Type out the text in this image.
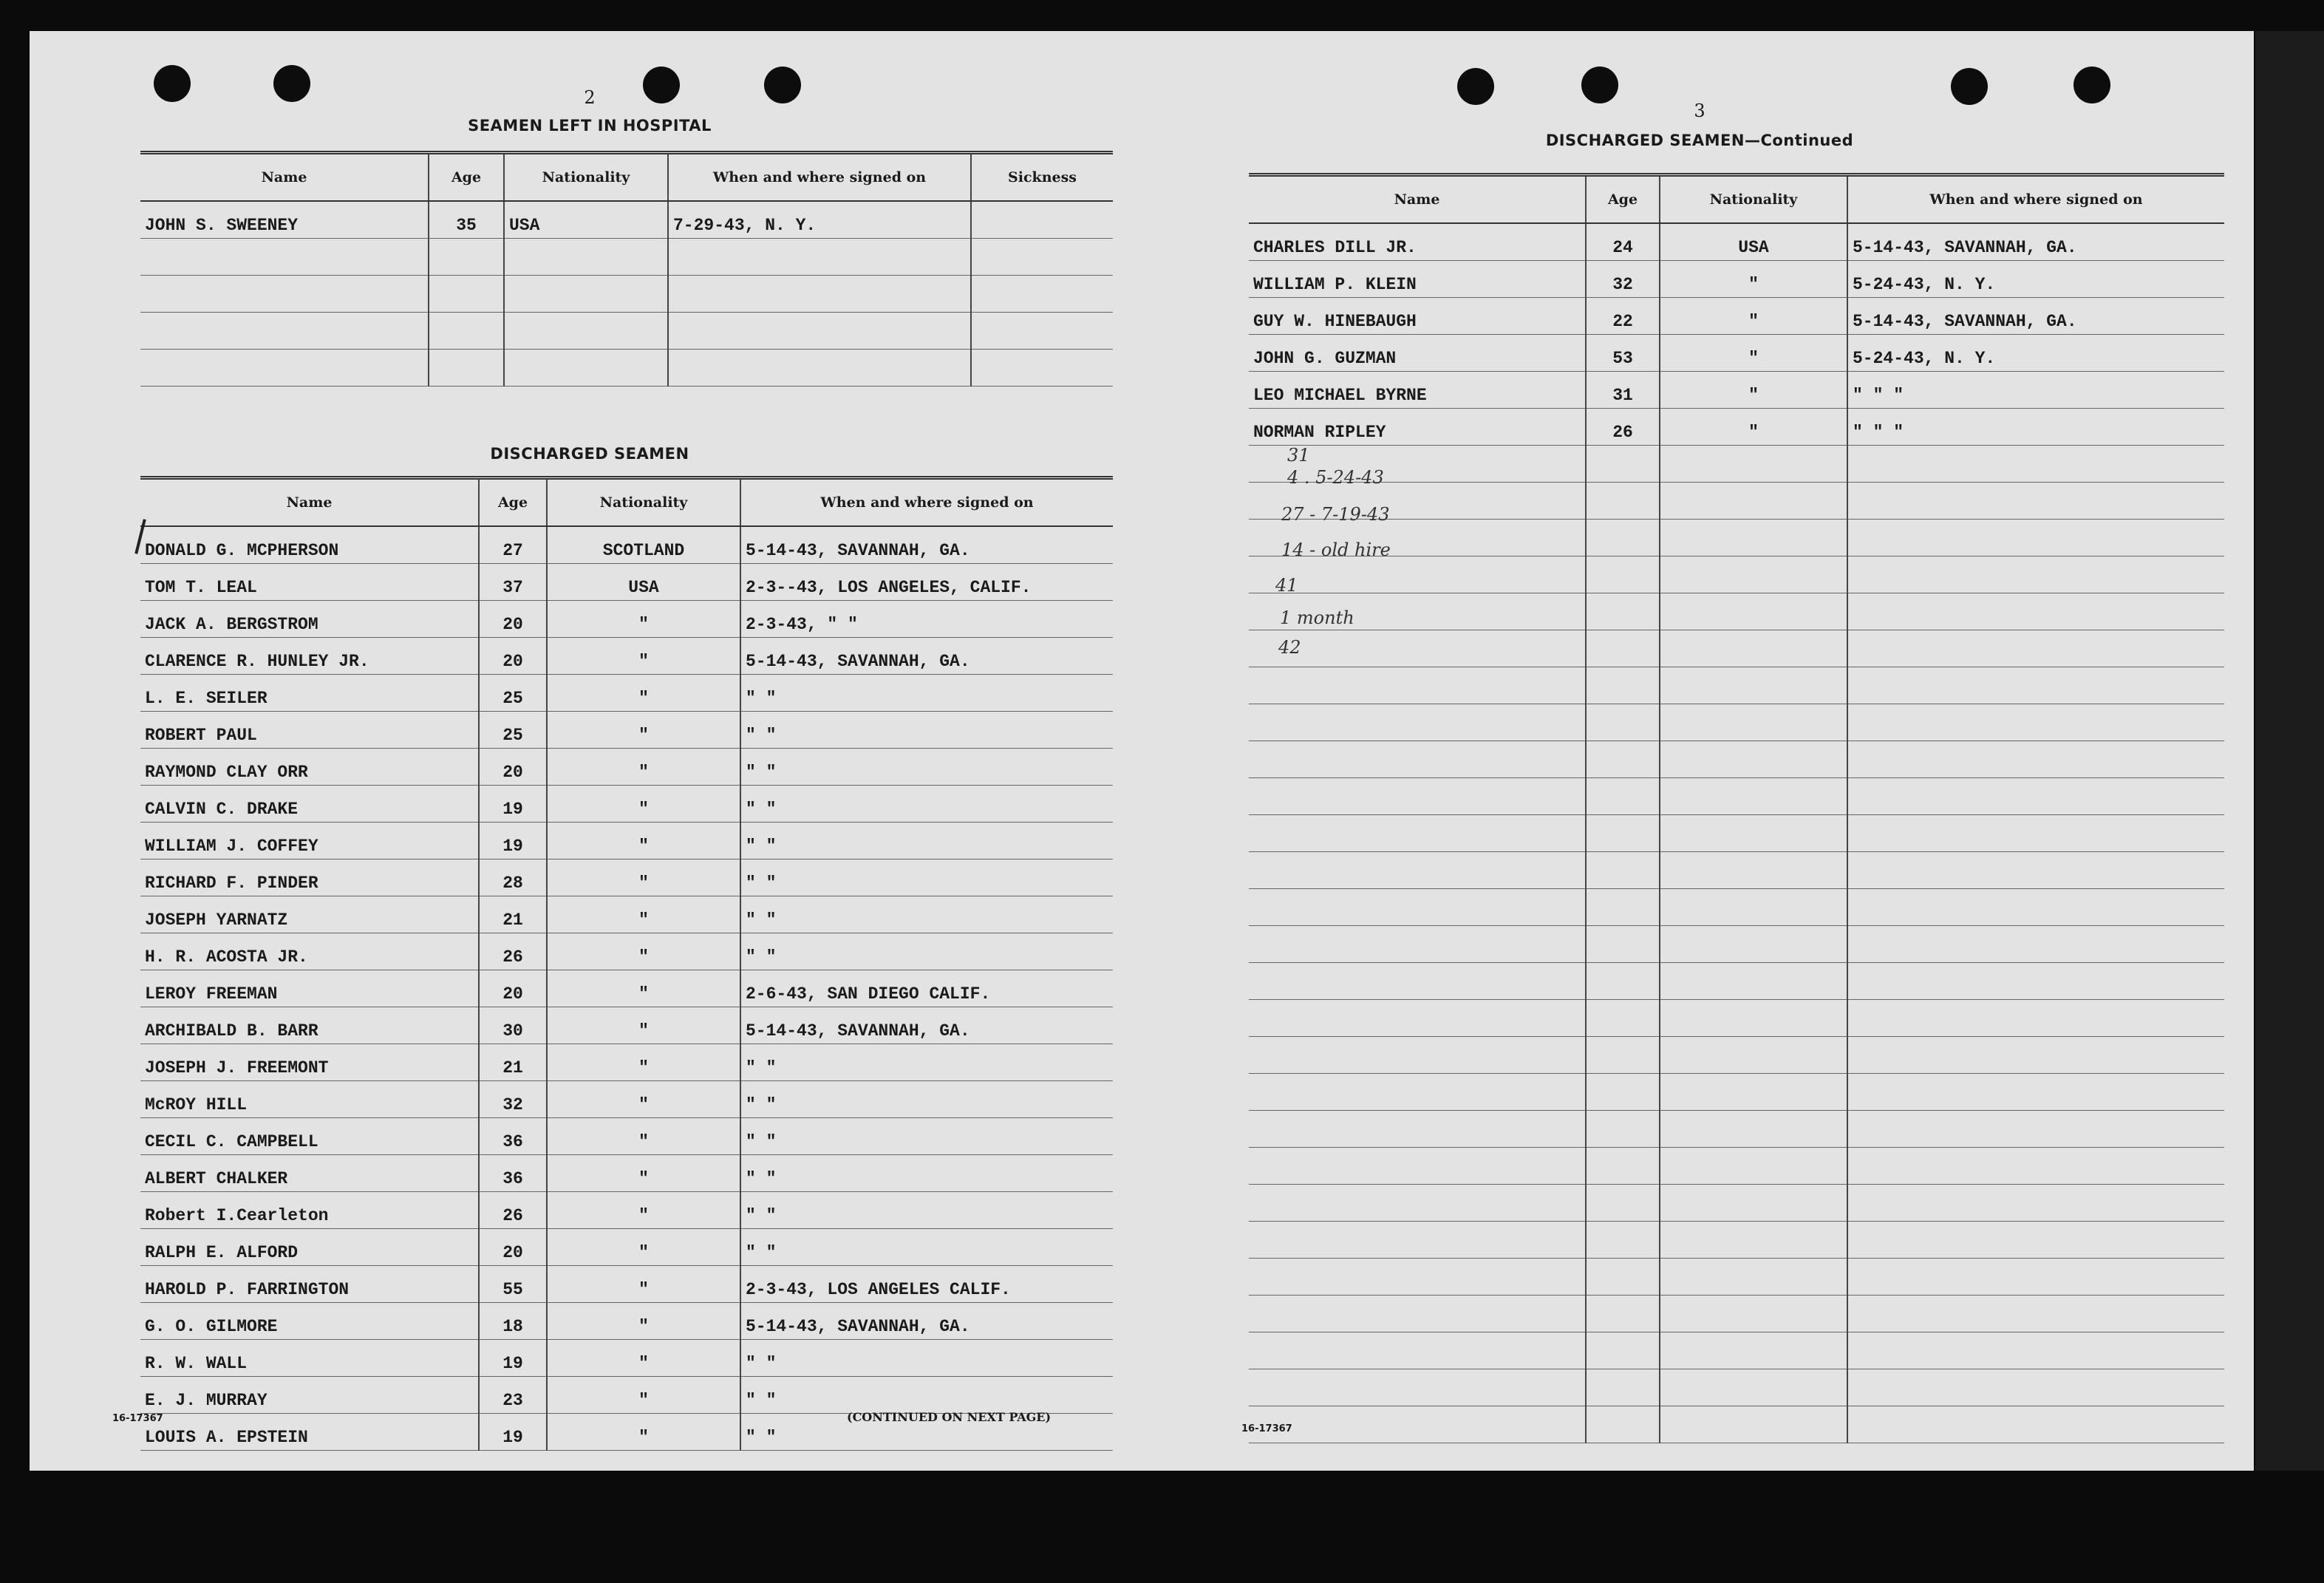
2
SEAMEN LEFT IN HOSPITAL
Name	Age	Nationality	When and where signed on	Sickness
JOHN S. SWEENEY	35	USA	7-29-43, N. Y.	

DISCHARGED SEAMEN
Name	Age	Nationality	When and where signed on
DONALD G. MCPHERSON	27	SCOTLAND	5-14-43, SAVANNAH, GA.
TOM T. LEAL	37	USA	2-3--43, LOS ANGELES, CALIF.
JACK A. BERGSTROM	20	"	2-3-43, " "
CLARENCE R. HUNLEY JR.	20	"	5-14-43, SAVANNAH, GA.
L. E. SEILER	25	"	" "
ROBERT PAUL	25	"	" "
RAYMOND CLAY ORR	20	"	" "
CALVIN C. DRAKE	19	"	" "
WILLIAM J. COFFEY	19	"	" "
RICHARD F. PINDER	28	"	" "
JOSEPH YARNATZ	21	"	" "
H. R. ACOSTA JR.	26	"	" "
LEROY FREEMAN	20	"	2-6-43, SAN DIEGO CALIF.
ARCHIBALD B. BARR	30	"	5-14-43, SAVANNAH, GA.
JOSEPH J. FREEMONT	21	"	" "
McROY HILL	32	"	" "
CECIL C. CAMPBELL	36	"	" "
ALBERT CHALKER	36	"	" "
Robert I.Cearleton	26	"	" "
RALPH E. ALFORD	20	"	" "
HAROLD P. FARRINGTON	55	"	2-3-43, LOS ANGELES CALIF.
G. O. GILMORE	18	"	5-14-43, SAVANNAH, GA.
R. W. WALL	19	"	" "
E. J. MURRAY	23	"	" "
LOUIS A. EPSTEIN	19	"	" "
16-17367	(CONTINUED ON NEXT PAGE)
3
DISCHARGED SEAMEN—Continued
Name	Age	Nationality	When and where signed on
CHARLES DILL JR.	24	USA	5-14-43, SAVANNAH, GA.
WILLIAM P. KLEIN	32	"	5-24-43, N. Y.
GUY W. HINEBAUGH	22	"	5-14-43, SAVANNAH, GA.
JOHN G. GUZMAN	53	"	5-24-43, N. Y.
LEO MICHAEL BYRNE	31	"	" " "
NORMAN RIPLEY	26	"	" " "

31
4 . 5-24-43
27 - 7-19-43
14 - old hire
41
1 month
42
16-17367
